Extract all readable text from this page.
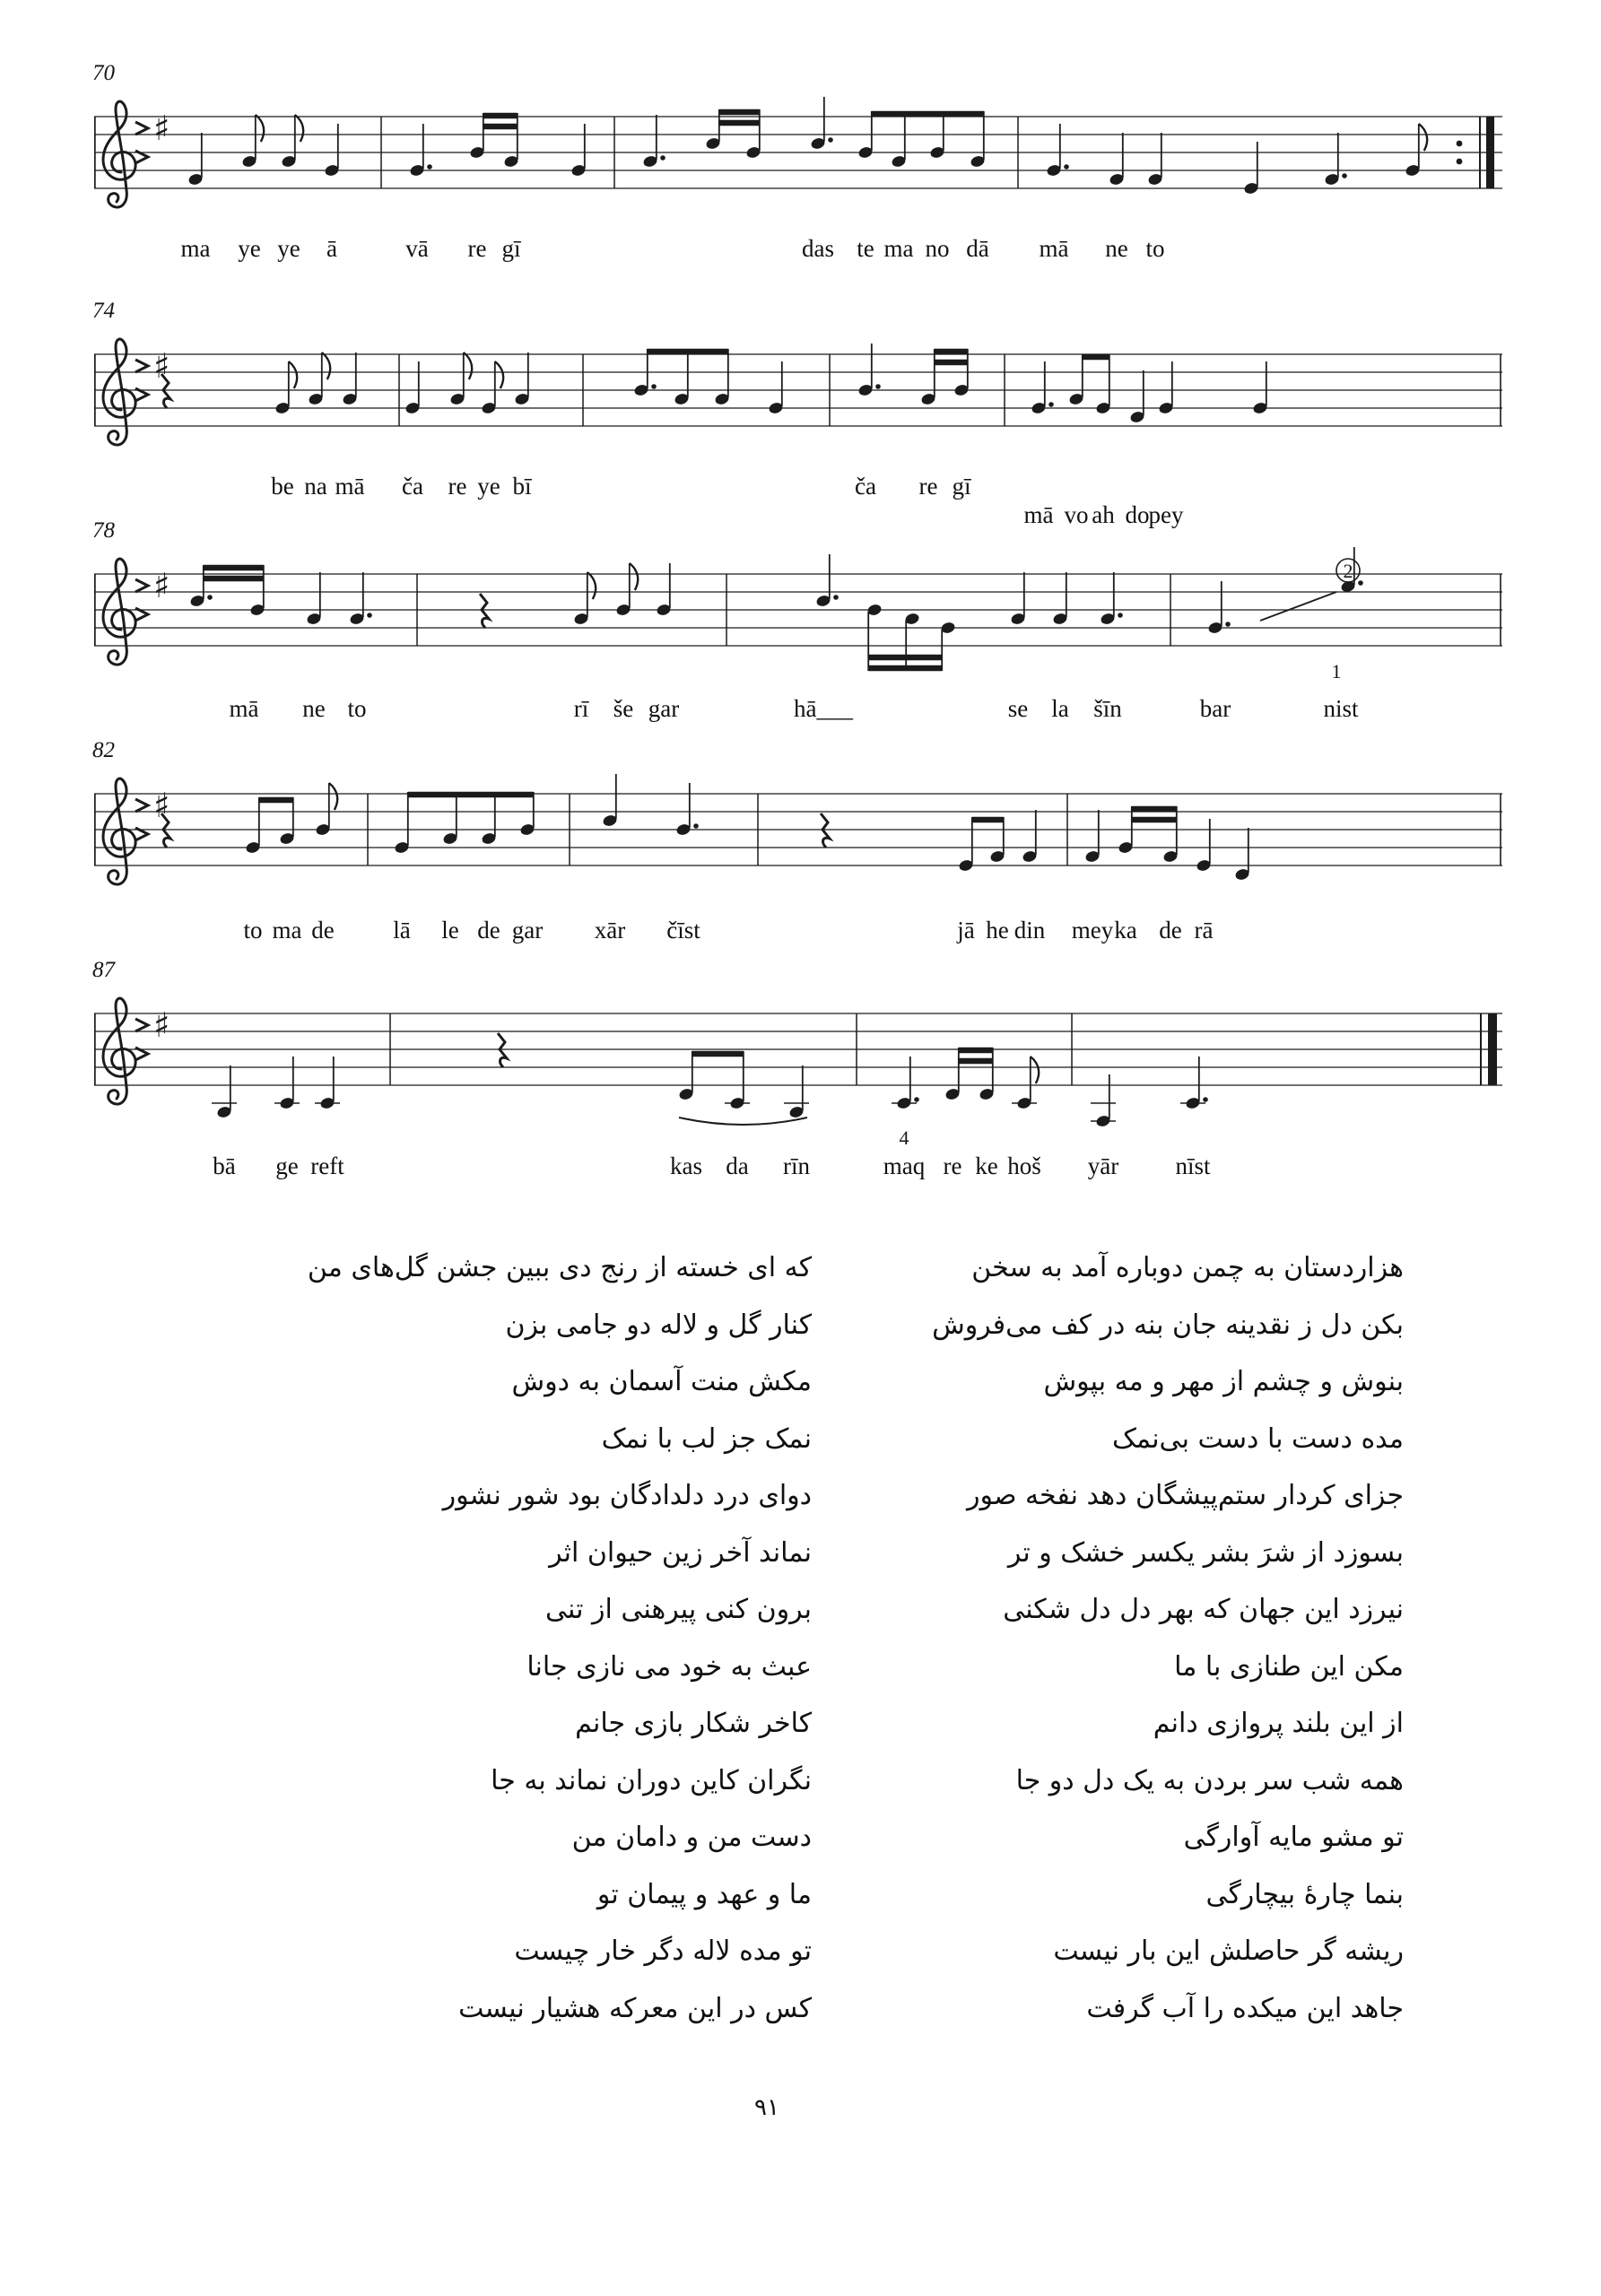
70
♯
ma ye ye ā	vā re gī	das te ma no dā mā ne to
74
♯
be na mā ča re ye bī	ča re gī
mā vo ah do pey
78
♯
1
2
mā ne to	rī še gar	hā___	se la šīn	bar	nist
82
♯
to ma de lā le de gar xār čīst	jā he din mey ka de rā
87
♯
4
bā ge reft	kas da rīn	maq re ke hoš yār nīst
هزاردستان به چمن دوباره آمد به سخن
بکن دل ز نقدینه جان بنه در کف می‌فروش
بنوش و چشم از مهر و مه بپوش
مده دست با دست بی‌نمک
جزای کردار ستم‌پیشگان دهد نفخه صور
بسوزد از شرَ بشر یکسر خشک و تر
نیرزد این جهان که بهر دل دل شکنی
مکن این طنازی با ما
از این بلند پروازی دانم
همه شب سر بردن به یک دل دو جا
تو مشو مایه آوارگی
بنما چارهٔ بیچارگی
ریشه گر حاصلش این بار نیست
جاهد این میکده را آب گرفت
که ای خسته از رنج دی ببین جشن گل‌های من
کنار گل و لاله دو جامی بزن
مکش منت آسمان به دوش
نمک جز لب با نمک
دوای درد دلدادگان بود شور نشور
نماند آخر زین حیوان اثر
برون کنی پیرهنی از تنی
عبث به خود می نازی جانا
کاخر شکار بازی جانم
نگران کاین دوران نماند به جا
دست من و دامان من
ما و عهد و پیمان تو
تو مده لاله دگر خار چیست
کس در این معرکه هشیار نیست
۹۱
